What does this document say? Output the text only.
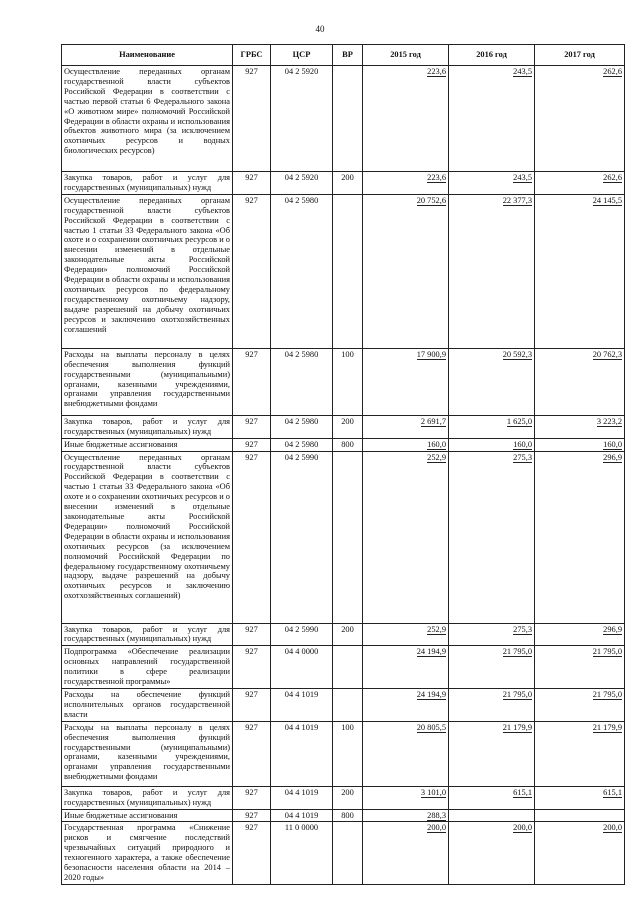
40
Наименование	ГРБС	ЦСР	ВР	2015 год	2016 год	2017 год
Осуществление переданных органам государственной власти субъектов Российской Федерации в соответствии с частью первой статьи 6 Федерального закона «О животном мире» полномочий Российской Федерации в области охраны и использования объектов животного мира (за исключением охотничьих ресурсов и водных биологических ресурсов)	927	04 2 5920		223,6	243,5	262,6
Закупка товаров, работ и услуг для государственных (муниципальных) нужд	927	04 2 5920	200	223,6	243,5	262,6
Осуществление переданных органам государственной власти субъектов Российской Федерации в соответствии с частью 1 статьи 33 Федерального закона «Об охоте и о сохранении охотничьих ресурсов и о внесении изменений в отдельные законодательные акты Российской Федерации» полномочий Российской Федерации в области охраны и использования охотничьих ресурсов по федеральному государственному охотничьему надзору, выдаче разрешений на добычу охотничьих ресурсов и заключению охотхозяйственных соглашений	927	04 2 5980		20 752,6	22 377,3	24 145,5
Расходы на выплаты персоналу в целях обеспечения выполнения функций государственными (муниципальными) органами, казенными учреждениями, органами управления государственными внебюджетными фондами	927	04 2 5980	100	17 900,9	20 592,3	20 762,3
Закупка товаров, работ и услуг для государственных (муниципальных) нужд	927	04 2 5980	200	2 691,7	1 625,0	3 223,2
Иные бюджетные ассигнования	927	04 2 5980	800	160,0	160,0	160,0
Осуществление переданных органам государственной власти субъектов Российской Федерации в соответствии с частью 1 статьи 33 Федерального закона «Об охоте и о сохранении охотничьих ресурсов и о внесении изменений в отдельные законодательные акты Российской Федерации» полномочий Российской Федерации в области охраны и использования охотничьих ресурсов (за исключением полномочий Российской Федерации по федеральному государственному охотничьему надзору, выдаче разрешений на добычу охотничьих ресурсов и заключению охотхозяйственных соглашений)	927	04 2 5990		252,9	275,3	296,9
Закупка товаров, работ и услуг для государственных (муниципальных) нужд	927	04 2 5990	200	252,9	275,3	296,9
Подпрограмма «Обеспечение реализации основных направлений государственной политики в сфере реализации государственной программы»	927	04 4 0000		24 194,9	21 795,0	21 795,0
Расходы на обеспечение функций исполнительных органов государственной власти	927	04 4 1019		24 194,9	21 795,0	21 795,0
Расходы на выплаты персоналу в целях обеспечения выполнения функций государственными (муниципальными) органами, казенными учреждениями, органами управления государственными внебюджетными фондами	927	04 4 1019	100	20 805,5	21 179,9	21 179,9
Закупка товаров, работ и услуг для государственных (муниципальных) нужд	927	04 4 1019	200	3 101,0	615,1	615,1
Иные бюджетные ассигнования	927	04 4 1019	800	288,3		
Государственная программа «Снижение рисков и смягчение последствий чрезвычайных ситуаций природного и техногенного характера, а также обеспечение безопасности населения области на 2014 – 2020 годы»	927	11 0 0000		200,0	200,0	200,0
